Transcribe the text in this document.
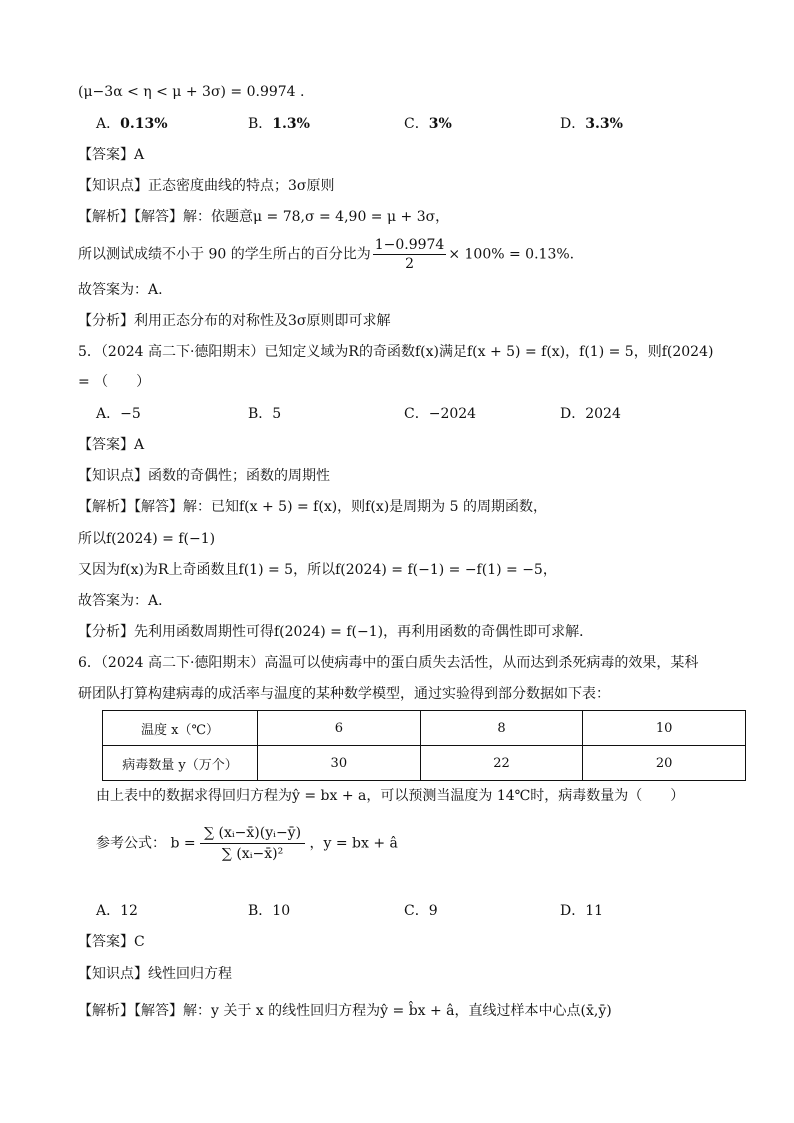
(μ−3α < η < μ + 3σ) = 0.9974 .
A．0.13%	B．1.3%	C．3%	D．3.3%
【答案】A
【知识点】正态密度曲线的特点；3σ原则
【解析】【解答】解：依题意μ = 78,σ = 4,90 = μ + 3σ，
所以测试成绩不小于 90 的学生所占的百分比为 $\frac{1-0.9974}{2} \times 100\% = 0.13\%$.
故答案为：A.
【分析】利用正态分布的对称性及3σ原则即可求解
5．（2024 高二下·德阳期末）已知定义域为R的奇函数f(x)满足f(x + 5) = f(x)，f(1) = 5，则f(2024)
= （　　）
A．−5	B．5	C．−2024	D．2024
【答案】A
【知识点】函数的奇偶性；函数的周期性
【解析】【解答】解：已知f(x + 5) = f(x)，则f(x)是周期为 5 的周期函数，
所以f(2024) = f(−1)
又因为f(x)为R上奇函数且f(1) = 5，所以f(2024) = f(−1) = −f(1) = −5，
故答案为：A．
【分析】先利用函数周期性可得f(2024) = f(−1)，再利用函数的奇偶性即可求解．
6．（2024 高二下·德阳期末）高温可以使病毒中的蛋白质失去活性，从而达到杀死病毒的效果，某科
研团队打算构建病毒的成活率与温度的某种数学模型，通过实验得到部分数据如下表：
温度 x（℃）	6	8	10
病毒数量 y（万个）	30	22	20
由上表中的数据求得回归方程为ŷ = bx + a，可以预测当温度为 14℃时，病毒数量为（　　）
参考公式： $b = \frac{\text{∑ (xᵢ−x̄)(yᵢ−ȳ)}}{\text{∑ (xᵢ−x̄)²}}$ ，y = bx + â
A．12	B．10	C．9	D．11
【答案】C
【知识点】线性回归方程
【解析】【解答】解：y 关于 x 的线性回归方程为ŷ = b̂x + â，直线过样本中心点(x̄,ȳ)
